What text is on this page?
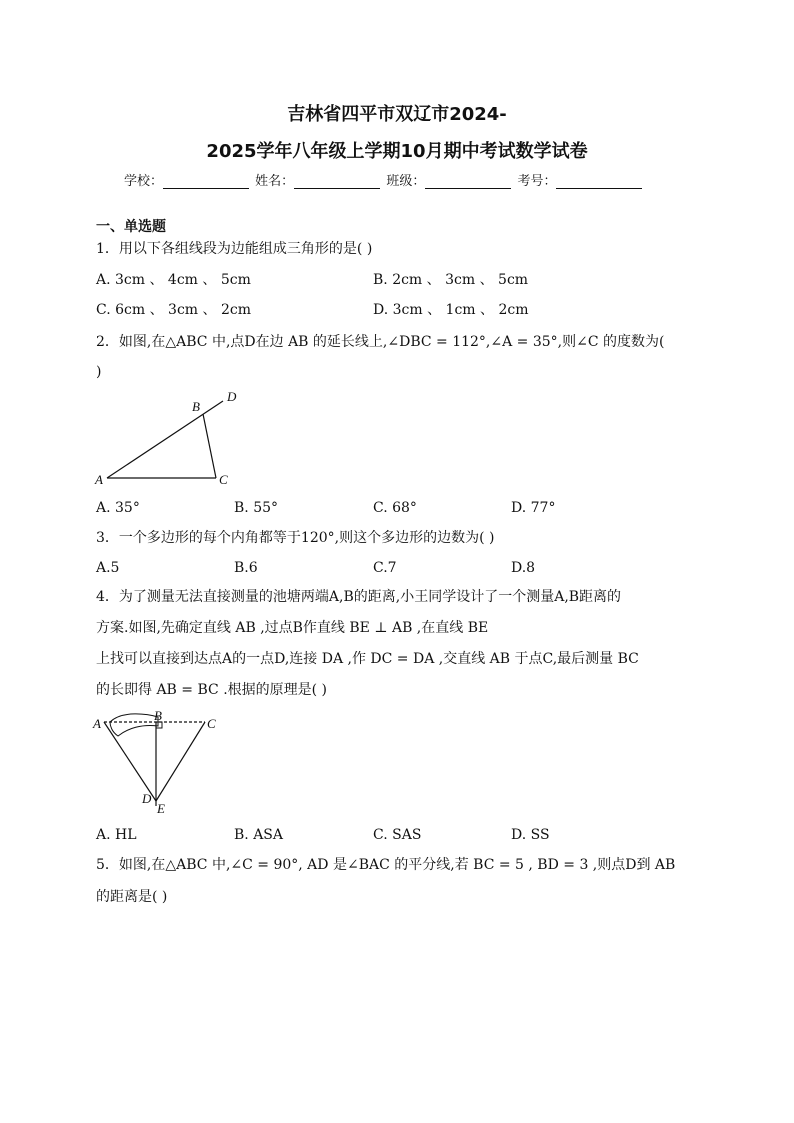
吉林省四平市双辽市2024-
2025学年八年级上学期10月期中考试数学试卷
学校：	姓名：	班级：	考号：
一、单选题
1．用以下各组线段为边能组成三角形的是( )
A. 3cm 、 4cm 、 5cm	B. 2cm 、 3cm 、 5cm
C. 6cm 、 3cm 、 2cm	D. 3cm 、 1cm 、 2cm
2．如图,在△ABC 中,点D在边 AB 的延长线上,∠DBC = 112°,∠A = 35°,则∠C 的度数为(
)
A
B
C
D
A. 35°	B. 55°	C. 68°	D. 77°
3．一个多边形的每个内角都等于120°,则这个多边形的边数为( )
A.5	B.6	C.7	D.8
4．为了测量无法直接测量的池塘两端A,B的距离,小王同学设计了一个测量A,B距离的
方案.如图,先确定直线 AB ,过点B作直线 BE ⊥ AB ,在直线 BE
上找可以直接到达点A的一点D,连接 DA ,作 DC = DA ,交直线 AB 于点C,最后测量 BC
的长即得 AB = BC .根据的原理是( )
A
B
C
D
E
A. HL	B. ASA	C. SAS	D. SS
5．如图,在△ABC 中,∠C = 90°, AD 是∠BAC 的平分线,若 BC = 5 , BD = 3 ,则点D到 AB
的距离是( )
